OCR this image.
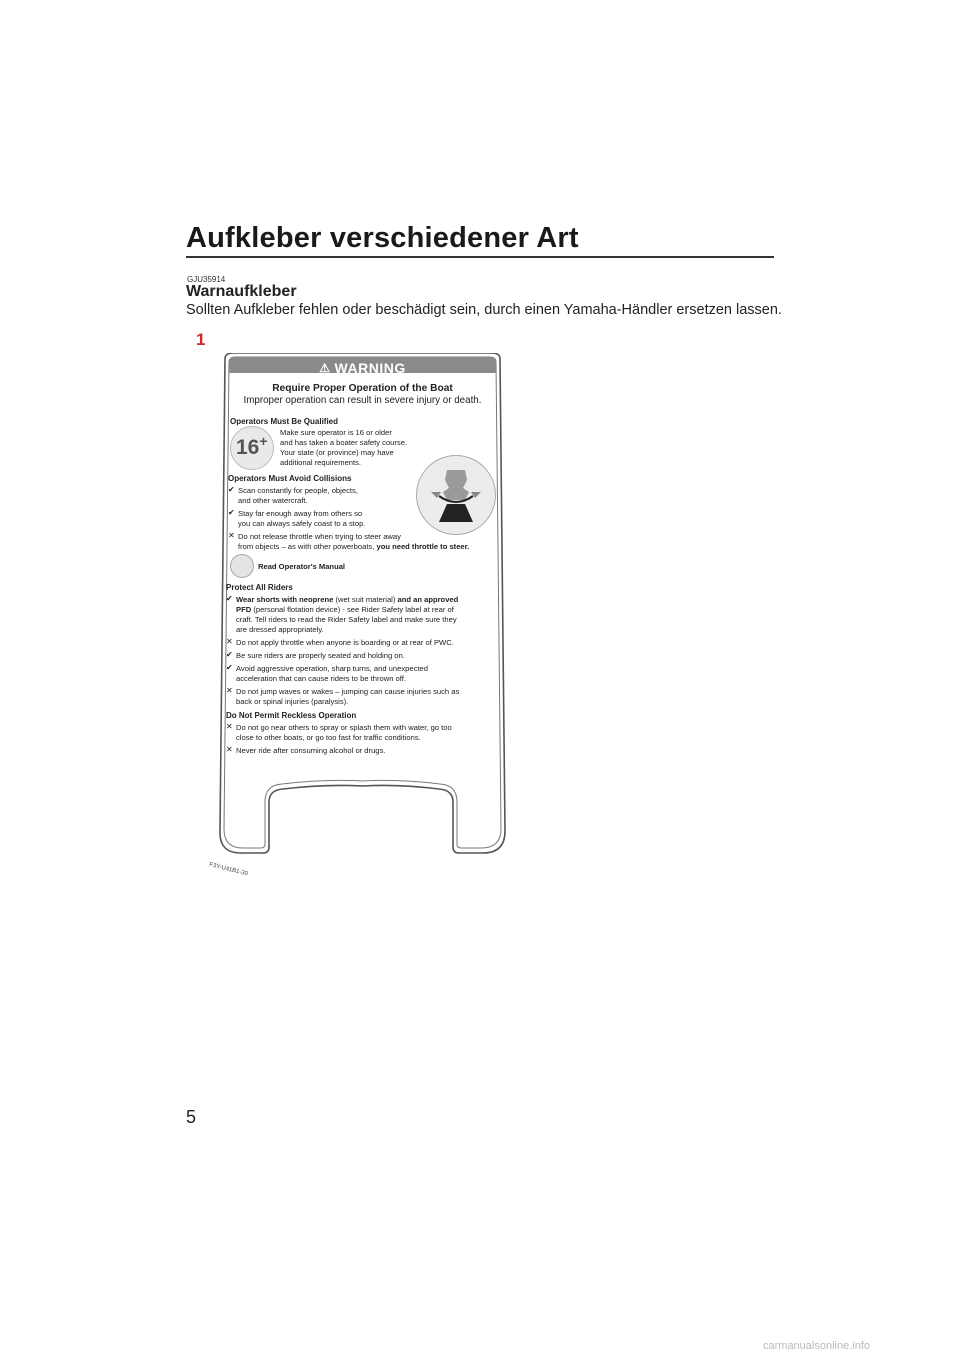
Aufkleber verschiedener Art
GJU35914
Warnaufkleber
Sollten Aufkleber fehlen oder beschädigt sein, durch einen Yamaha-Händler ersetzen lassen.
1
⚠ WARNING
Require Proper Operation of the Boat
Improper operation can result in severe injury or death.
Operators Must Be Qualified
16+
Make sure operator is 16 or older
and has taken a boater safety course.
Your state (or province) may have
additional requirements.
Operators Must Avoid Collisions
✔ Scan constantly for people, objects,
and other watercraft.
✔ Stay far enough away from others so
you can always safely coast to a stop.
✕ Do not release throttle when trying to steer away
from objects – as with other powerboats, you need throttle to steer.
Read Operator's Manual
Protect All Riders
✔ Wear shorts with neoprene (wet suit material) and an approved
PFD (personal flotation device) - see Rider Safety label at rear of
craft. Tell riders to read the Rider Safety label and make sure they
are dressed appropriately.
✕ Do not apply throttle when anyone is boarding or at rear of PWC.
✔ Be sure riders are properly seated and holding on.
✔ Avoid aggressive operation, sharp turns, and unexpected
acceleration that can cause riders to be thrown off.
✕ Do not jump waves or wakes – jumping can cause injuries such as
back or spinal injuries (paralysis).
Do Not Permit Reckless Operation
✕ Do not go near others to spray or splash them with water, go too
close to other boats, or go too fast for traffic conditions.
✕ Never ride after consuming alcohol or drugs.
F3Y-U41B1-30
5
carmanualsonline.info
